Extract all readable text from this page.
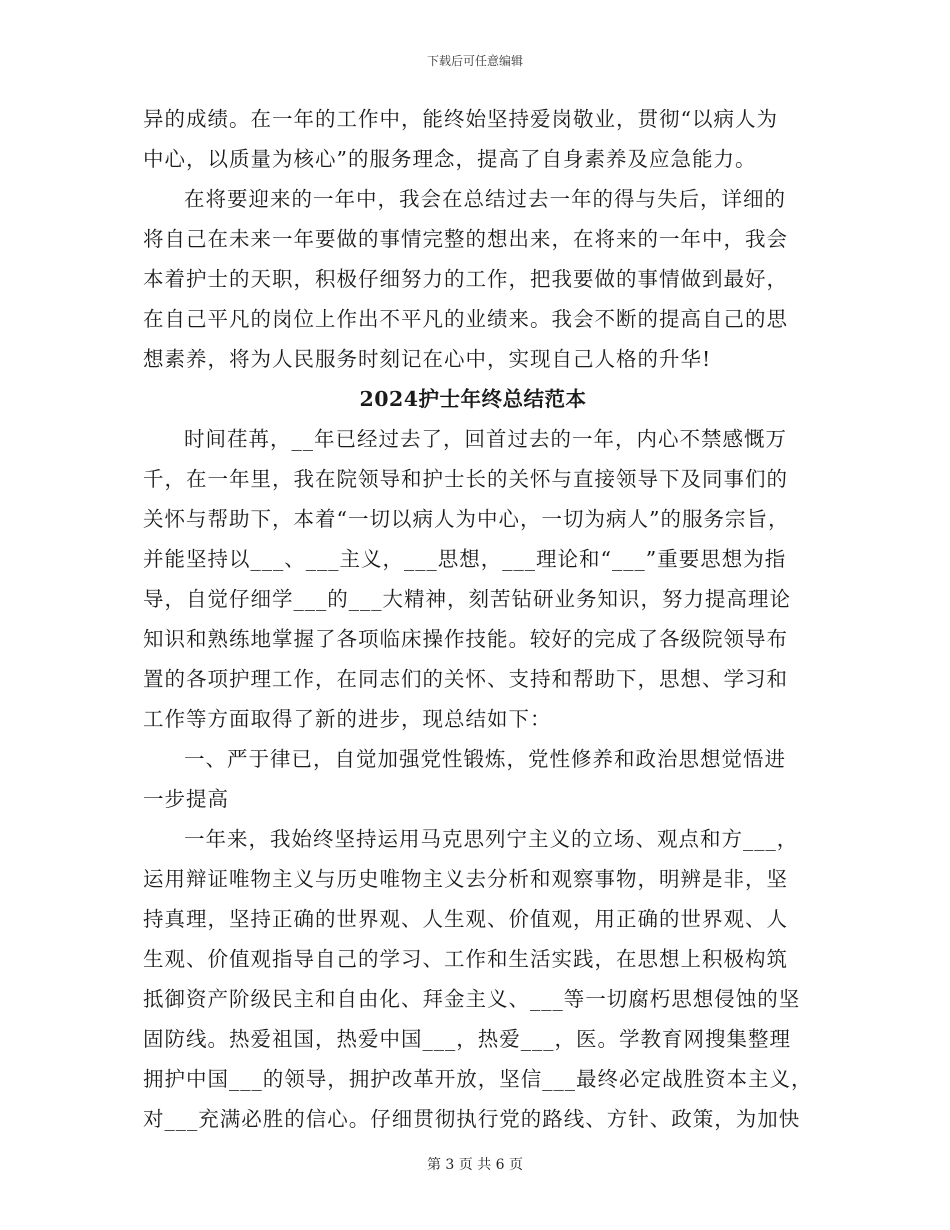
下载后可任意编辑
异的成绩。在一年的工作中，能终始坚持爱岗敬业，贯彻“以病人为
中心，以质量为核心”的服务理念，提高了自身素养及应急能力。
在将要迎来的一年中，我会在总结过去一年的得与失后，详细的
将自己在未来一年要做的事情完整的想出来，在将来的一年中，我会
本着护士的天职，积极仔细努力的工作，把我要做的事情做到最好，
在自己平凡的岗位上作出不平凡的业绩来。我会不断的提高自己的思
想素养，将为人民服务时刻记在心中，实现自己人格的升华!
2024护士年终总结范本
时间荏苒，__年已经过去了，回首过去的一年，内心不禁感慨万
千，在一年里，我在院领导和护士长的关怀与直接领导下及同事们的
关怀与帮助下，本着“一切以病人为中心，一切为病人”的服务宗旨，
并能坚持以___、___主义，___思想，___理论和“___”重要思想为指
导，自觉仔细学___的___大精神，刻苦钻研业务知识，努力提高理论
知识和熟练地掌握了各项临床操作技能。较好的完成了各级院领导布
置的各项护理工作，在同志们的关怀、支持和帮助下，思想、学习和
工作等方面取得了新的进步，现总结如下：
一、严于律已，自觉加强党性锻炼，党性修养和政治思想觉悟进
一步提高
一年来，我始终坚持运用马克思列宁主义的立场、观点和方___，
运用辩证唯物主义与历史唯物主义去分析和观察事物，明辨是非，坚
持真理，坚持正确的世界观、人生观、价值观，用正确的世界观、人
生观、价值观指导自己的学习、工作和生活实践，在思想上积极构筑
抵御资产阶级民主和自由化、拜金主义、___等一切腐朽思想侵蚀的坚
固防线。热爱祖国，热爱中国___，热爱___，医。学教育网搜集整理
拥护中国___的领导，拥护改革开放，坚信___最终必定战胜资本主义，
对___充满必胜的信心。仔细贯彻执行党的路线、方针、政策，为加快
第 3 页 共 6 页
